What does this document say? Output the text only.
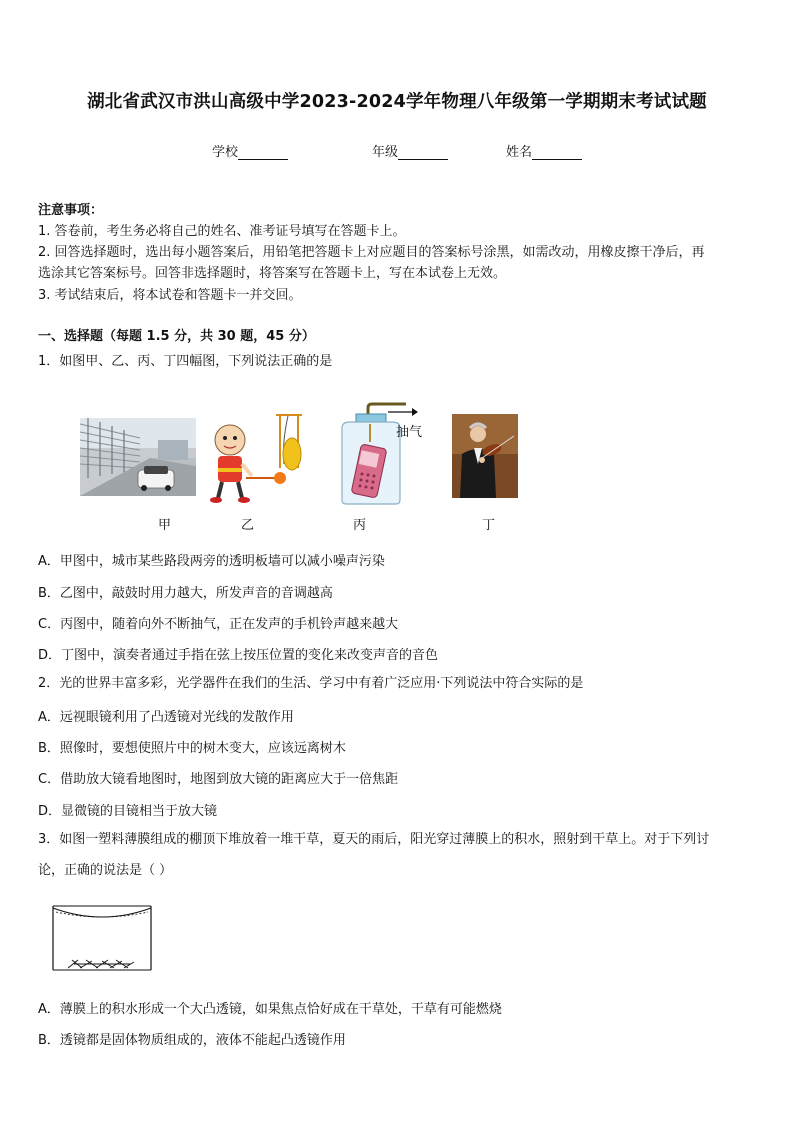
湖北省武汉市洪山高级中学2023-2024学年物理八年级第一学期期末考试试题
学校	年级	姓名
注意事项：
1. 答卷前，考生务必将自己的姓名、准考证号填写在答题卡上。
2. 回答选择题时，选出每小题答案后，用铅笔把答题卡上对应题目的答案标号涂黑，如需改动，用橡皮擦干净后，再
选涂其它答案标号。回答非选择题时，将答案写在答题卡上，写在本试卷上无效。
3. 考试结束后，将本试卷和答题卡一并交回。
一、选择题（每题 1.5 分，共 30 题，45 分）
1．如图甲、乙、丙、丁四幅图，下列说法正确的是
抽气
甲	乙	丙	丁
A．甲图中，城市某些路段两旁的透明板墙可以减小噪声污染
B．乙图中，敲鼓时用力越大，所发声音的音调越高
C．丙图中，随着向外不断抽气，正在发声的手机铃声越来越大
D．丁图中，演奏者通过手指在弦上按压位置的变化来改变声音的音色
2．光的世界丰富多彩，光学器件在我们的生活、学习中有着广泛应用·下列说法中符合实际的是
A．远视眼镜利用了凸透镜对光线的发散作用
B．照像时，要想使照片中的树木变大，应该远离树木
C．借助放大镜看地图时，地图到放大镜的距离应大于一倍焦距
D．显微镜的目镜相当于放大镜
3．如图一塑料薄膜组成的棚顶下堆放着一堆干草，夏天的雨后，阳光穿过薄膜上的积水，照射到干草上。对于下列讨
论，正确的说法是（ ）
A．薄膜上的积水形成一个大凸透镜，如果焦点恰好成在干草处，干草有可能燃烧
B．透镜都是固体物质组成的，液体不能起凸透镜作用
